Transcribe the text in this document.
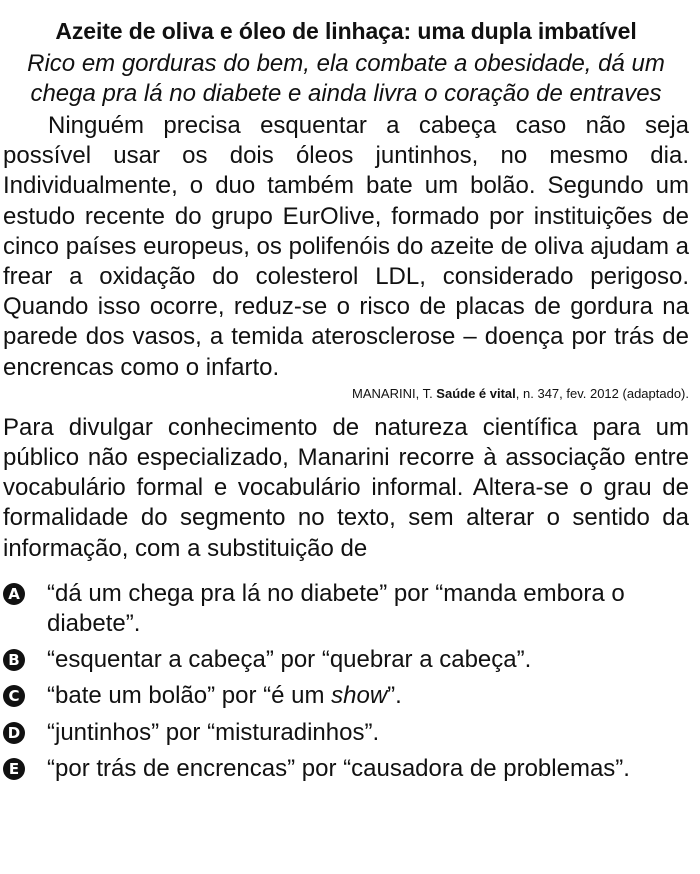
Azeite de oliva e óleo de linhaça: uma dupla imbatível

Rico em gorduras do bem, ela combate a obesidade, dá um chega pra lá no diabete e ainda livra o coração de entraves

Ninguém precisa esquentar a cabeça caso não seja possível usar os dois óleos juntinhos, no mesmo dia. Individualmente, o duo também bate um bolão. Segundo um estudo recente do grupo EurOlive, formado por instituições de cinco países europeus, os polifenóis do azeite de oliva ajudam a frear a oxidação do colesterol LDL, considerado perigoso. Quando isso ocorre, reduz-se o risco de placas de gordura na parede dos vasos, a temida aterosclerose – doença por trás de encrencas como o infarto.

MANARINI, T. Saúde é vital, n. 347, fev. 2012 (adaptado).

Para divulgar conhecimento de natureza científica para um público não especializado, Manarini recorre à associação entre vocabulário formal e vocabulário informal. Altera-se o grau de formalidade do segmento no texto, sem alterar o sentido da informação, com a substituição de

A “dá um chega pra lá no diabete” por “manda embora o diabete”.
B “esquentar a cabeça” por “quebrar a cabeça”.
C “bate um bolão” por “é um show”.
D “juntinhos” por “misturadinhos”.
E “por trás de encrencas” por “causadora de problemas”.
